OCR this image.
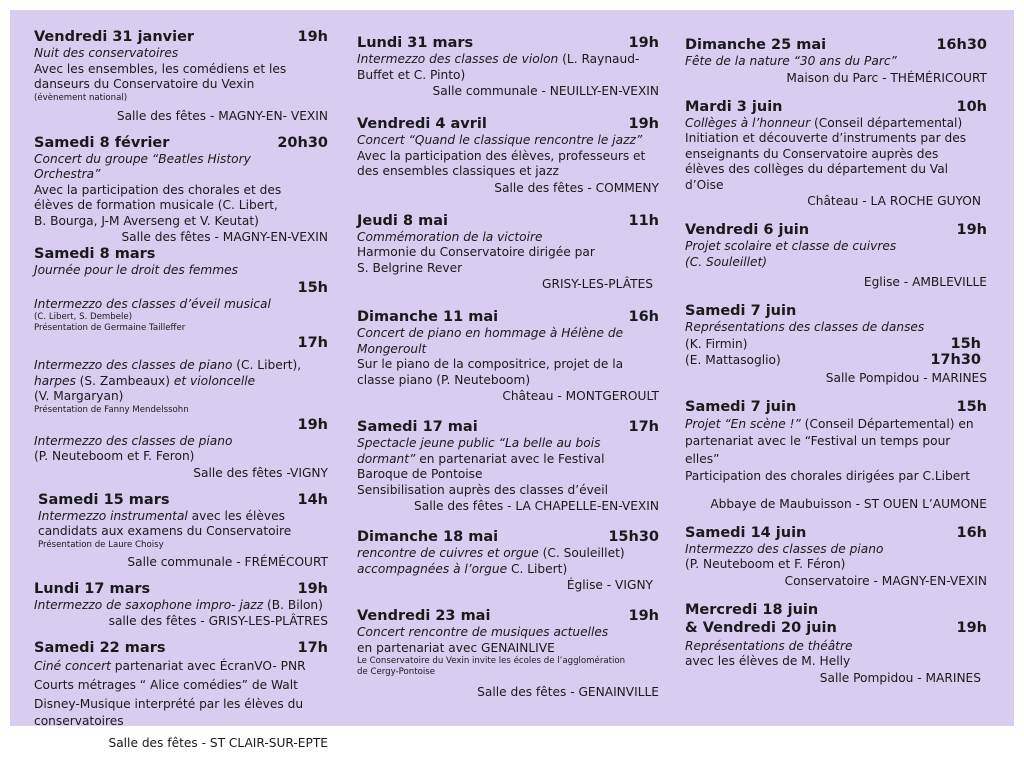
Vendredi 31 janvier	19h
Nuit des conservatoires
Avec les ensembles, les comédiens et les
danseurs du Conservatoire du Vexin
(évènement national)
Salle des fêtes - MAGNY-EN- VEXIN
Samedi 8 février	20h30
Concert du groupe “Beatles History
Orchestra”
Avec la participation des chorales et des
élèves de formation musicale (C. Libert,
B. Bourga, J-M Averseng et V. Keutat)
Salle des fêtes - MAGNY-EN-VEXIN
Samedi 8 mars
Journée pour le droit des femmes
15h
Intermezzo des classes d’éveil musical
(C. Libert, S. Dembele)
Présentation de Germaine Tailleffer
17h
Intermezzo des classes de piano (C. Libert),
harpes (S. Zambeaux) et violoncelle
(V. Margaryan)
Présentation de Fanny Mendelssohn
19h
Intermezzo des classes de piano
(P. Neuteboom et F. Feron)
Salle des fêtes -VIGNY
Samedi 15 mars	14h
Intermezzo instrumental avec les élèves
candidats aux examens du Conservatoire
Présentation de Laure Choisy
Salle communale - FRÉMÉCOURT
Lundi 17 mars	19h
Intermezzo de saxophone impro- jazz (B. Bilon)
salle des fêtes - GRISY-LES-PLÂTRES
Samedi 22 mars	17h
Ciné concert partenariat avec ÉcranVO- PNR
Courts métrages “ Alice comédies” de Walt
Disney-Musique interprété par les élèves du
conservatoires
Salle des fêtes - ST CLAIR-SUR-EPTE
Lundi 31 mars	19h
Intermezzo des classes de violon (L. Raynaud-
Buffet et C. Pinto)
Salle communale - NEUILLY-EN-VEXIN
Vendredi 4 avril	19h
Concert “Quand le classique rencontre le jazz”
Avec la participation des élèves, professeurs et
des ensembles classiques et jazz
Salle des fêtes - COMMENY
Jeudi 8 mai	11h
Commémoration de la victoire
Harmonie du Conservatoire dirigée par
S. Belgrine Rever
GRISY-LES-PLÂTES
Dimanche 11 mai	16h
Concert de piano en hommage à Hélène de
Mongeroult
Sur le piano de la compositrice, projet de la
classe piano (P. Neuteboom)
Château - MONTGEROULT
Samedi 17 mai	17h
Spectacle jeune public “La belle au bois
dormant” en partenariat avec le Festival
Baroque de Pontoise
Sensibilisation auprès des classes d’éveil
Salle des fêtes - LA CHAPELLE-EN-VEXIN
Dimanche 18 mai	15h30
rencontre de cuivres et orgue (C. Souleillet)
accompagnées à l’orgue C. Libert)
Église - VIGNY
Vendredi 23 mai	19h
Concert rencontre de musiques actuelles
en partenariat avec GENAINLIVE
Le Conservatoire du Vexin invite les écoles de l’agglomération
de Cergy-Pontoise
Salle des fêtes - GENAINVILLE
Dimanche 25 mai	16h30
Fête de la nature “30 ans du Parc”
Maison du Parc - THÉMÉRICOURT
Mardi 3 juin	10h
Collèges à l’honneur (Conseil départemental)
Initiation et découverte d’instruments par des
enseignants du Conservatoire auprès des
élèves des collèges du département du Val
d’Oise
Château - LA ROCHE GUYON
Vendredi 6 juin	19h
Projet scolaire et classe de cuivres
(C. Souleillet)
Eglise - AMBLEVILLE
Samedi 7 juin
Représentations des classes de danses
(K. Firmin)	15h
(E. Mattasoglio)	17h30
Salle Pompidou - MARINES
Samedi 7 juin	15h
Projet “En scène !” (Conseil Départemental) en
partenariat avec le “Festival un temps pour
elles”
Participation des chorales dirigées par C.Libert
Abbaye de Maubuisson - ST OUEN L’AUMONE
Samedi 14 juin	16h
Intermezzo des classes de piano
(P. Neuteboom et F. Féron)
Conservatoire - MAGNY-EN-VEXIN
Mercredi 18 juin
& Vendredi 20 juin	19h
Représentations de théâtre
avec les élèves de M. Helly
Salle Pompidou - MARINES
